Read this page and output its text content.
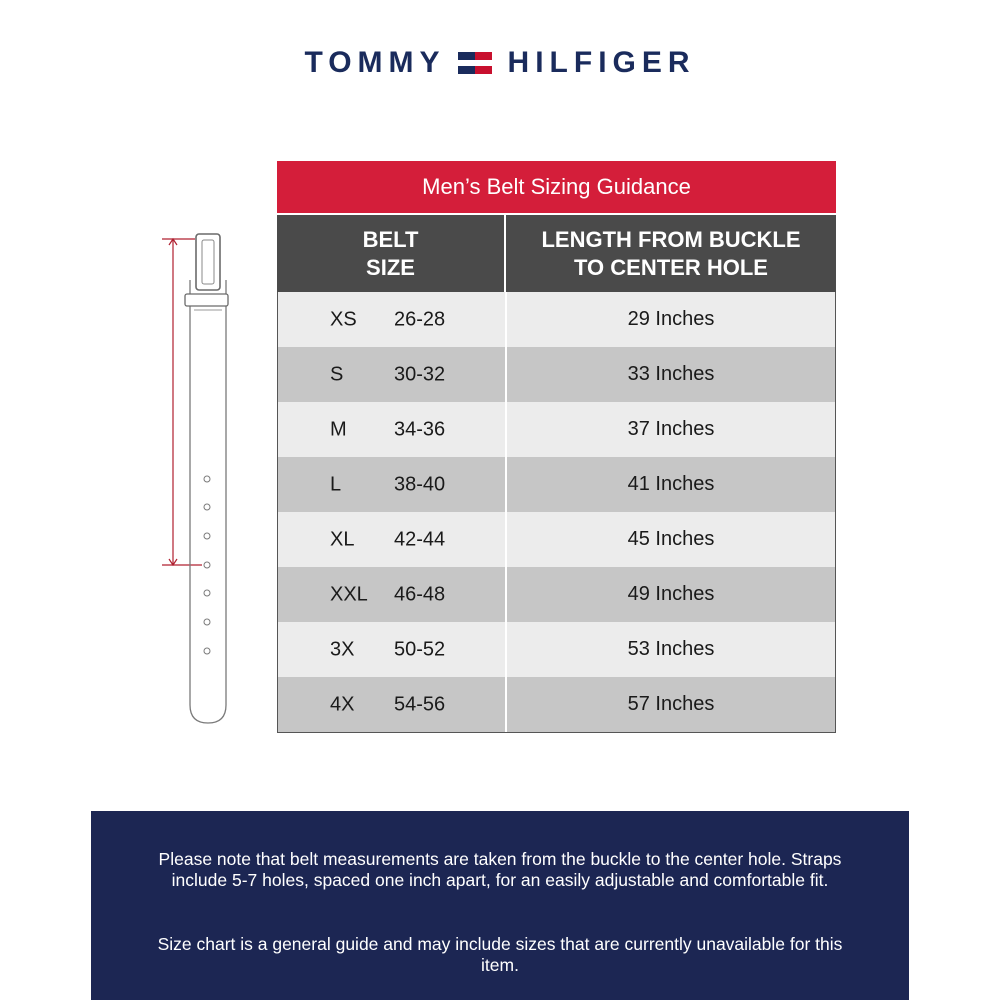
TOMMY HILFIGER
Men’s Belt Sizing Guidance
BELT
SIZE
LENGTH FROM BUCKLE
TO CENTER HOLE
XS 26-28	29 Inches
S	30-32	33 Inches
M 34-36	37 Inches
L	38-40	41 Inches
XL 42-44	45 Inches
XXL 46-48	49 Inches
3X 50-52	53 Inches
4X 54-56	57 Inches

Please note that belt measurements are taken from the buckle to the center hole. Straps include 5-7 holes, spaced one inch apart, for an easily adjustable and comfortable fit.

Size chart is a general guide and may include sizes that are currently unavailable for this item.
